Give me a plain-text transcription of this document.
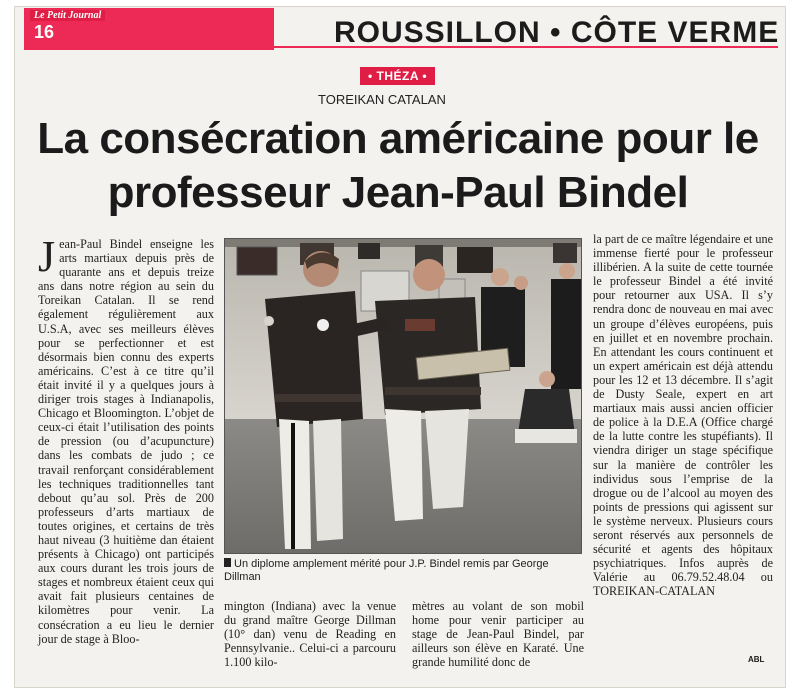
Le Petit Journal
16	ROUSSILLON • CÔTE VERME
• THÉZA •
TOREIKAN CATALAN
La consécration américaine pour le professeur Jean-Paul Bindel
Jean-Paul Bindel enseigne les arts martiaux depuis près de quarante ans et depuis treize ans dans notre région au sein du Toreikan Catalan. Il se rend également régulièrement aux U.S.A, avec ses meilleurs élèves pour se perfectionner et est désormais bien connu des experts américains. C’est à ce titre qu’il était invité il y a quelques jours à diriger trois stages à Indianapolis, Chicago et Bloomington. L’objet de ceux-ci était l’utilisation des points de pression (ou d’acupuncture) dans les combats de judo ; ce travail renforçant considérablement les techniques traditionnelles tant debout qu’au sol. Près de 200 professeurs d’arts martiaux de toutes origines, et certains de très haut niveau (3 huitième dan étaient présents à Chicago) ont participés aux cours durant les trois jours de stages et nombreux étaient ceux qui avait fait plusieurs centaines de kilomètres pour venir. La consécration a eu lieu le dernier jour de stage à Bloo-
Un diplome amplement mérité pour J.P. Bindel remis par George Dillman
mington (Indiana) avec la venue du grand maître George Dillman (10° dan) venu de Reading en Pennsylvanie.. Celui-ci a parcouru 1.100 kilo-
mètres au volant de son mobil home pour venir participer au stage de Jean-Paul Bindel, par ailleurs son élève en Karaté. Une grande humilité donc de
la part de ce maître légendaire et une immense fierté pour le professeur illibérien. A la suite de cette tournée le professeur Bindel a été invité pour retourner aux USA. Il s’y rendra donc de nouveau en mai avec un groupe d’élèves européens, puis en juillet et en novembre prochain. En attendant les cours continuent et un expert américain est déjà attendu pour les 12 et 13 décembre. Il s’agit de Dusty Seale, expert en art martiaux mais aussi ancien officier de police à la D.E.A (Office chargé de la lutte contre les stupéfiants). Il viendra diriger un stage spécifique sur la manière de contrôler les individus sous l’emprise de la drogue ou de l’alcool au moyen des points de pressions qui agissent sur le système nerveux. Plusieurs cours seront réservés aux personnels de sécurité et agents des hôpitaux psychiatriques. Infos auprès de Valérie au 06.79.52.48.04 ou TOREIKAN-CATALAN
ABL
